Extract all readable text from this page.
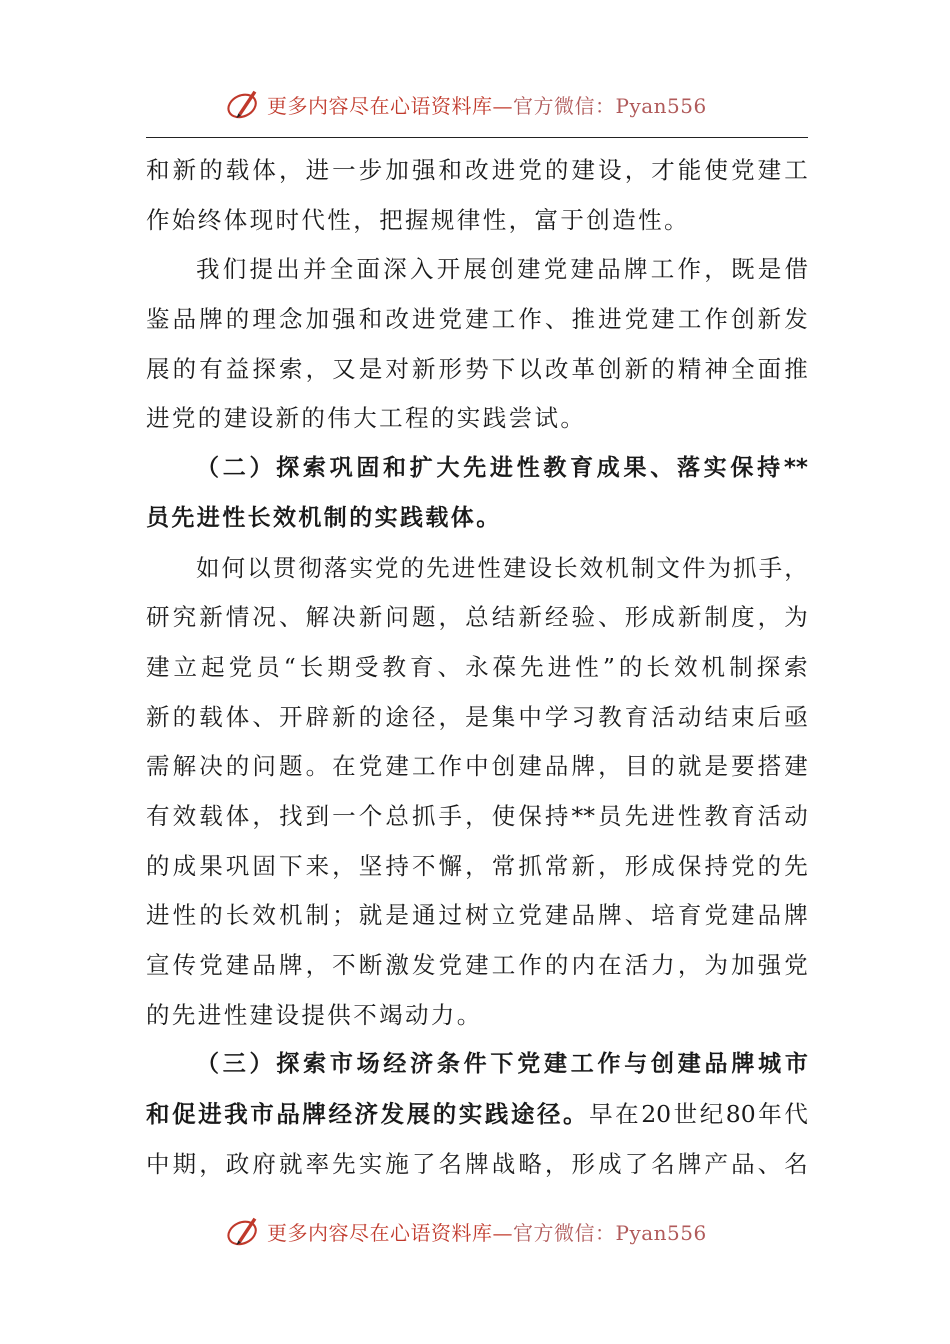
更多内容尽在心语资料库—官方微信：Pyan556
和 新 的 载 体 ， 进 一 步 加 强 和 改 进 党 的 建 设 ， 才 能 使 党 建 工
作始终体现时代性，把握规律性，富于创造性。
我 们 提 出 并 全 面 深 入 开 展 创 建 党 建 品 牌 工 作 ， 既 是 借
鉴 品 牌 的 理 念 加 强 和 改 进 党 建 工 作 、 推 进 党 建 工 作 创 新 发
展 的 有 益 探 索 ， 又 是 对 新 形 势 下 以 改 革 创 新 的 精 神 全 面 推
进党的建设新的伟大工程的实践尝试。
（ 二 ） 探 索 巩 固 和 扩 大 先 进 性 教 育 成 果 、 落 实 保 持 **
员先进性长效机制的实践载体。
如 何 以 贯 彻 落 实 党 的 先 进 性 建 设 长 效 机 制 文 件 为 抓 手 ，
研 究 新 情 况 、 解 决 新 问 题 ， 总 结 新 经 验 、 形 成 新 制 度 ， 为
建 立 起 党 员 “ 长 期 受 教 育 、 永 葆 先 进 性 ” 的 长 效 机 制 探 索
新 的 载 体 、 开 辟 新 的 途 径 ， 是 集 中 学 习 教 育 活 动 结 束 后 亟
需 解 决 的 问 题 。 在 党 建 工 作 中 创 建 品 牌 ， 目 的 就 是 要 搭 建
有 效 载 体 ， 找 到 一 个 总 抓 手 ， 使 保 持 ** 员 先 进 性 教 育 活 动
的 成 果 巩 固 下 来 ， 坚 持 不 懈 ， 常 抓 常 新 ， 形 成 保 持 党 的 先
进 性 的 长 效 机 制 ； 就 是 通 过 树 立 党 建 品 牌 、 培 育 党 建 品 牌
宣 传 党 建 品 牌 ， 不 断 激 发 党 建 工 作 的 内 在 活 力 ， 为 加 强 党
的先进性建设提供不竭动力。
（ 三 ） 探 索 市 场 经 济 条 件 下 党 建 工 作 与 创 建 品 牌 城 市
和 促 进 我 市 品 牌 经 济 发 展 的 实 践 途 径 。 早 在 20 世 纪 80 年 代
中 期 ， 政 府 就 率 先 实 施 了 名 牌 战 略 ， 形 成 了 名 牌 产 品 、 名
更多内容尽在心语资料库—官方微信：Pyan556
